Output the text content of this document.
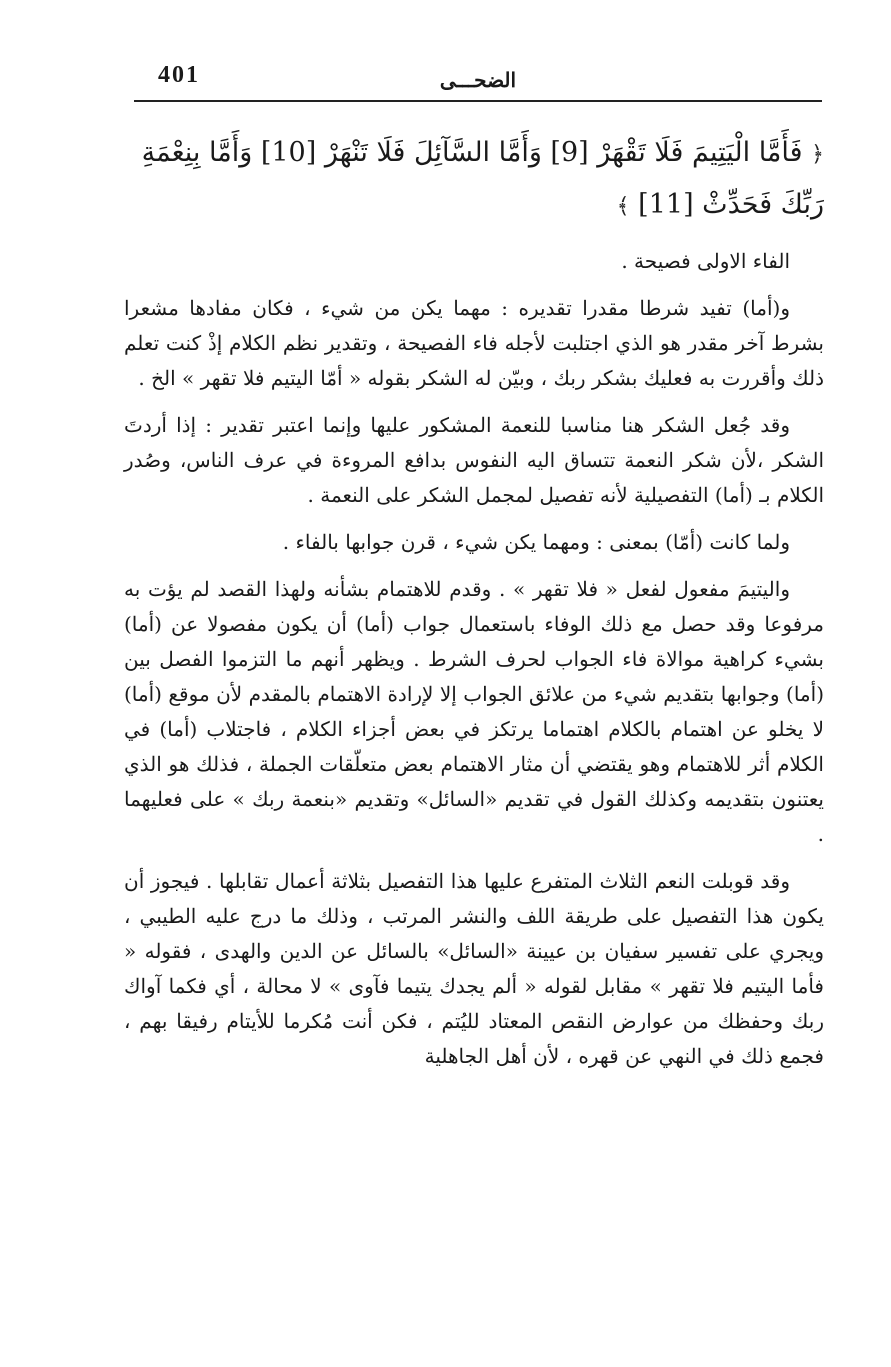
401	الضحـــى

﴿ فَأَمَّا الْيَتِيمَ فَلَا تَقْهَرْ [9] وَأَمَّا السَّآئِلَ فَلَا تَنْهَرْ [10] وَأَمَّا بِنِعْمَةِ رَبِّكَ فَحَدِّثْ [11] ﴾

الفاء الاولى فصيحة .

و(أما) تفيد شرطا مقدرا تقديره : مهما يكن من شيء ، فكان مفادها مشعرا بشرط آخر مقدر هو الذي اجتلبت لأجله فاء الفصيحة ، وتقدير نظم الكلام إذْ كنت تعلم ذلك وأقررت به فعليك بشكر ربك ، وبيّن له الشكر بقوله « أمّا اليتيم فلا تقهر » الخ .

وقد جُعل الشكر هنا مناسبا للنعمة المشكور عليها وإنما اعتبر تقدير : إذا أردتَ الشكر ،لأن شكر النعمة تتساق اليه النفوس بدافع المروءة في عرف الناس، وصُدر الكلام بـ (أما) التفصيلية لأنه تفصيل لمجمل الشكر على النعمة .

ولما كانت (أمّا) بمعنى : ومهما يكن شيء ، قرن جوابها بالفاء .

واليتيمَ مفعول لفعل « فلا تقهر » . وقدم للاهتمام بشأنه ولهذا القصد لم يؤت به مرفوعا وقد حصل مع ذلك الوفاء باستعمال جواب (أما) أن يكون مفصولا عن (أما) بشيء كراهية موالاة فاء الجواب لحرف الشرط . ويظهر أنهم ما التزموا الفصل بين (أما) وجوابها بتقديم شيء من علائق الجواب إلا لإرادة الاهتمام بالمقدم لأن موقع (أما) لا يخلو عن اهتمام بالكلام اهتماما يرتكز في بعض أجزاء الكلام ، فاجتلاب (أما) في الكلام أثر للاهتمام وهو يقتضي أن مثار الاهتمام بعض متعلّقات الجملة ، فذلك هو الذي يعتنون بتقديمه وكذلك القول في تقديم «السائل» وتقديم «بنعمة ربك » على فعليهما .

وقد قوبلت النعم الثلاث المتفرع عليها هذا التفصيل بثلاثة أعمال تقابلها . فيجوز أن يكون هذا التفصيل على طريقة اللف والنشر المرتب ، وذلك ما درج عليه الطيبي ، ويجري على تفسير سفيان بن عيينة «السائل» بالسائل عن الدين والهدى ، فقوله « فأما اليتيم فلا تقهر » مقابل لقوله « ألم يجدك يتيما فآوى » لا محالة ، أي فكما آواك ربك وحفظك من عوارض النقص المعتاد لليُتم ، فكن أنت مُكرما للأيتام رفيقا بهم ، فجمع ذلك في النهي عن قهره ، لأن أهل الجاهلية
